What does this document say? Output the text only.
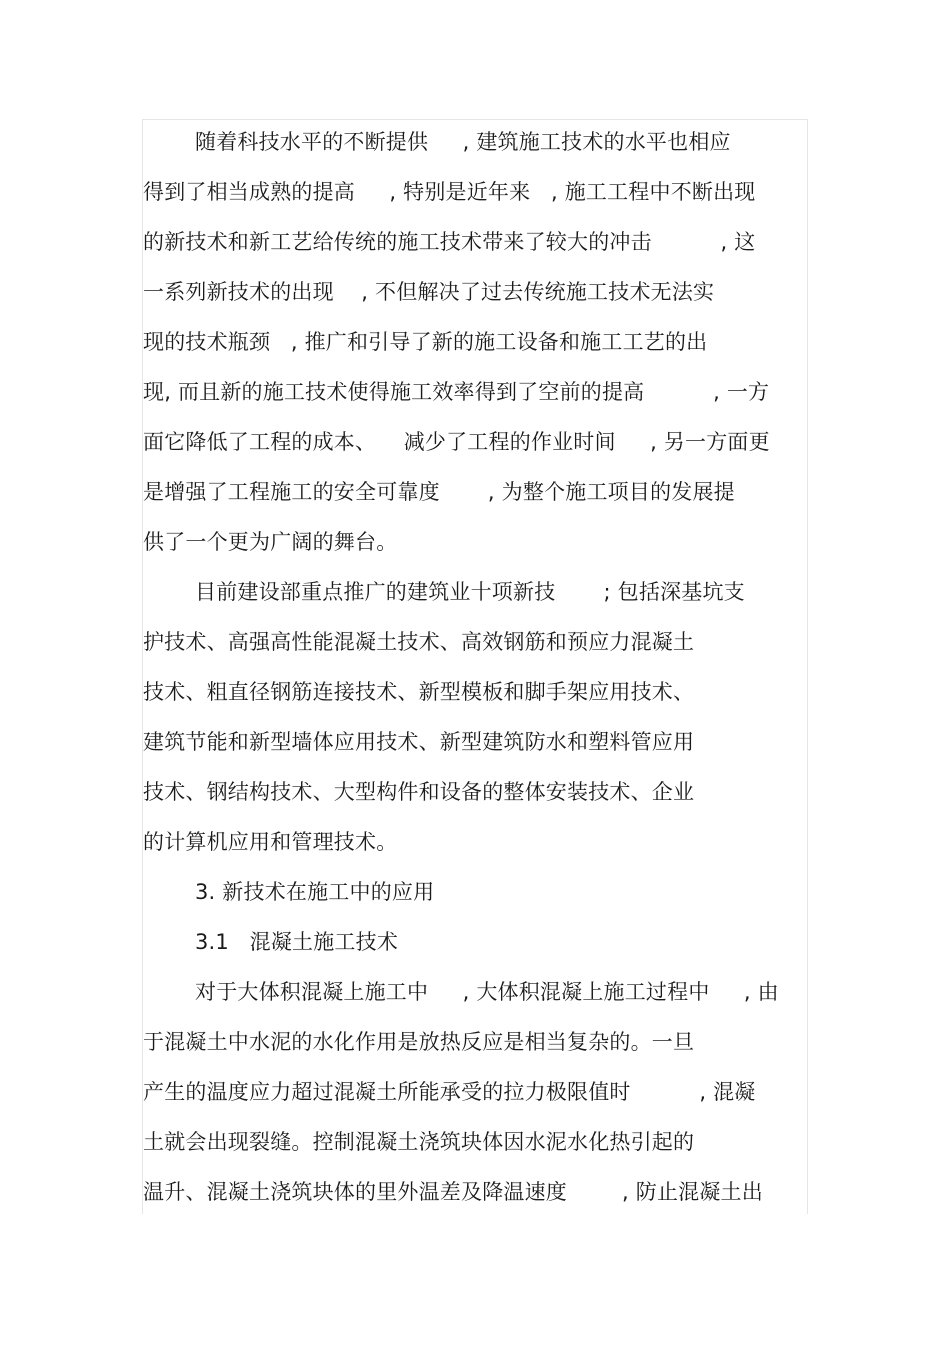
随着科技水平的不断提供     , 建筑施工技术的水平也相应
得到了相当成熟的提高     , 特别是近年来   , 施工工程中不断出现
的新技术和新工艺给传统的施工技术带来了较大的冲击          , 这
一系列新技术的出现    , 不但解决了过去传统施工技术无法实
现的技术瓶颈   , 推广和引导了新的施工设备和施工工艺的出
现, 而且新的施工技术使得施工效率得到了空前的提高          , 一方
面它降低了工程的成本、    减少了工程的作业时间     , 另一方面更
是增强了工程施工的安全可靠度       , 为整个施工项目的发展提
供了一个更为广阔的舞台。
目前建设部重点推广的建筑业十项新技       ; 包括深基坑支
护技术、高强高性能混凝土技术、高效钢筋和预应力混凝土
技术、粗直径钢筋连接技术、新型模板和脚手架应用技术、
建筑节能和新型墙体应用技术、新型建筑防水和塑料管应用
技术、钢结构技术、大型构件和设备的整体安装技术、企业
的计算机应用和管理技术。
3. 新技术在施工中的应用
3.1   混凝土施工技术
对于大体积混凝上施工中     , 大体积混凝上施工过程中     , 由
于混凝土中水泥的水化作用是放热反应是相当复杂的。一旦
产生的温度应力超过混凝土所能承受的拉力极限值时          , 混凝
土就会出现裂缝。控制混凝土浇筑块体因水泥水化热引起的
温升、混凝土浇筑块体的里外温差及降温速度        , 防止混凝土出
